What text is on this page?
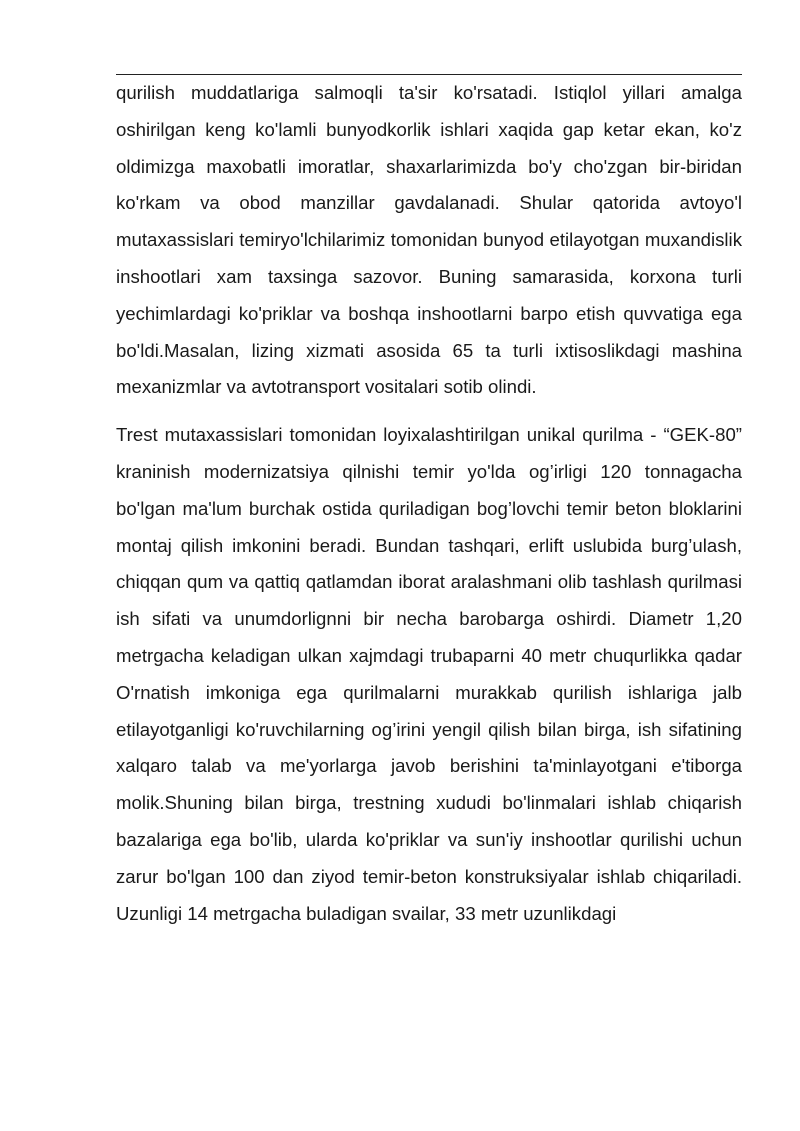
qurilish muddatlariga salmoqli ta'sir ko'rsatadi. Istiqlol yillari amalga oshirilgan keng ko'lamli bunyodkorlik ishlari xaqida gap ketar ekan, ko'z oldimizga maxobatli imoratlar, shaxarlarimizda bo'y cho'zgan bir-biridan ko'rkam va obod manzillar gavdalanadi. Shular qatorida avtoyo'l mutaxassislari temiryo'lchilarimiz tomonidan bunyod etilayotgan muxandislik inshootlari xam taxsinga sazovor. Buning samarasida, korxona turli yechimlardagi ko'priklar va boshqa inshootlarni barpo etish quvvatiga ega bo'ldi.Masalan, lizing xizmati asosida 65 ta turli ixtisoslikdagi mashina mexanizmlar va avtotransport vositalari sotib olindi.

Trest mutaxassislari tomonidan loyixalashtirilgan unikal qurilma - “GEK-80” kraninish modernizatsiya qilnishi temir yo'lda og’irligi 120 tonnagacha bo'lgan ma'lum burchak ostida quriladigan bog’lovchi temir beton bloklarini montaj qilish imkonini beradi. Bundan tashqari, erlift uslubida burg’ulash, chiqqan qum va qattiq qatlamdan iborat aralashmani olib tashlash qurilmasi ish sifati va unumdorlignni bir necha barobarga oshirdi. Diametr 1,20 metrgacha keladigan ulkan xajmdagi trubaparni 40 metr chuqurlikka qadar O'rnatish imkoniga ega qurilmalarni murakkab qurilish ishlariga jalb etilayotganligi ko'ruvchilarning og’irini yengil qilish bilan birga, ish sifatining xalqaro talab va me'yorlarga javob berishini ta'minlayotgani e'tiborga molik.Shuning bilan birga, trestning xududi bo'linmalari ishlab chiqarish bazalariga ega bo'lib, ularda ko'priklar va sun'iy inshootlar qurilishi uchun zarur bo'lgan 100 dan ziyod temir-beton konstruksiyalar ishlab chiqariladi. Uzunligi 14 metrgacha buladigan svailar, 33 metr uzunlikdagi
